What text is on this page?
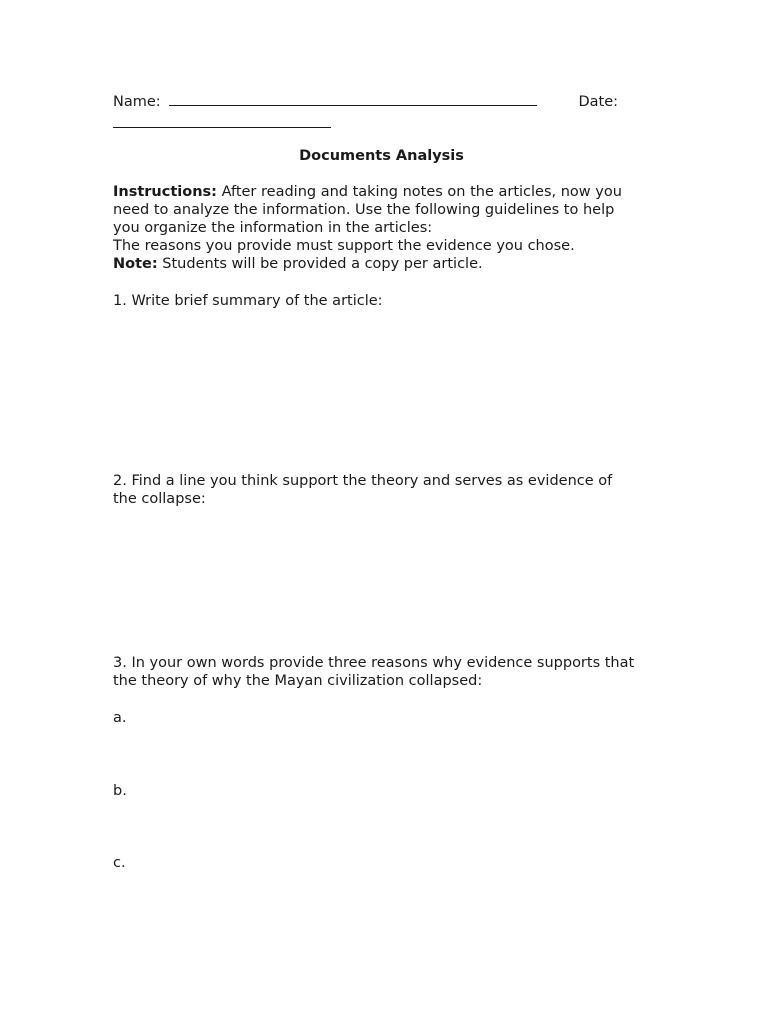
Name:	Date:
Documents Analysis
Instructions: After reading and taking notes on the articles, now you
need to analyze the information. Use the following guidelines to help
you organize the information in the articles:
The reasons you provide must support the evidence you chose.
Note: Students will be provided a copy per article.
1. Write brief summary of the article:
2. Find a line you think support the theory and serves as evidence of
the collapse:
3. In your own words provide three reasons why evidence supports that
the theory of why the Mayan civilization collapsed:
a.
b.
c.
